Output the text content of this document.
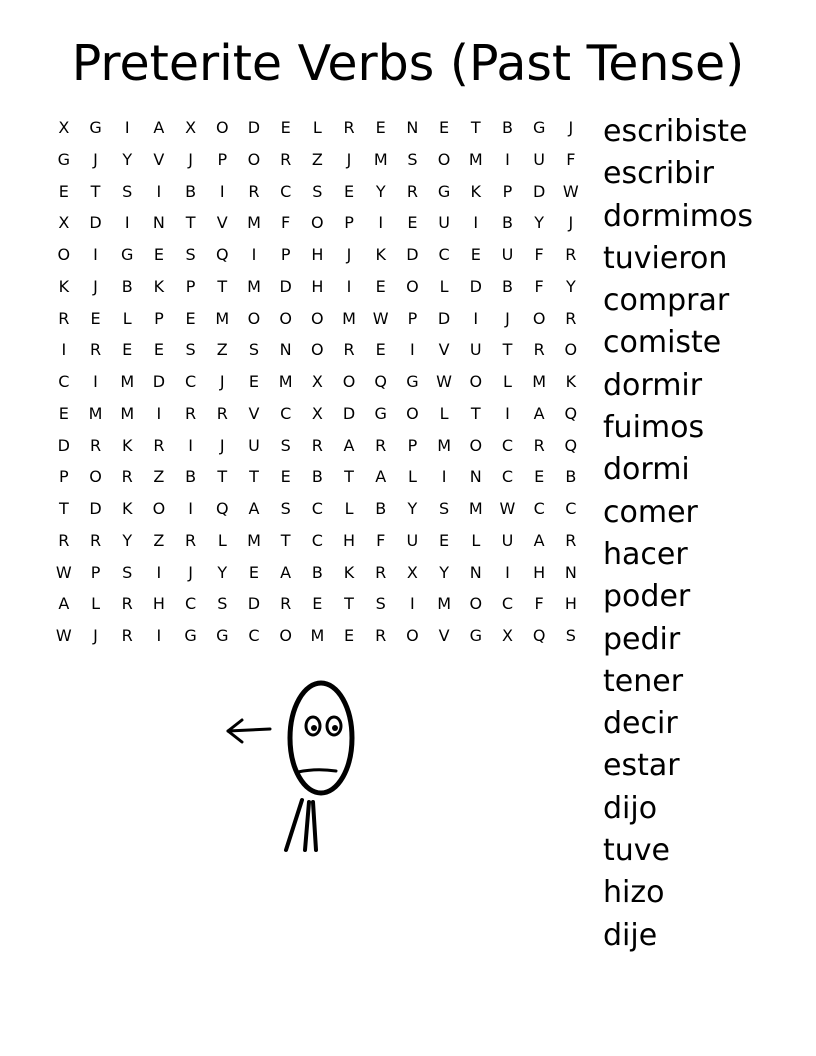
Preterite Verbs (Past Tense)
X	G	I	A	X	O	D	E	L	R	E	N	E	T	B	G	J
G	J	Y	V	J	P	O	R	Z	J	M	S	O	M	I	U	F
E	T	S	I	B	I	R	C	S	E	Y	R	G	K	P	D	W
X	D	I	N	T	V	M	F	O	P	I	E	U	I	B	Y	J
O	I	G	E	S	Q	I	P	H	J	K	D	C	E	U	F	R
K	J	B	K	P	T	M	D	H	I	E	O	L	D	B	F	Y
R	E	L	P	E	M	O	O	O	M	W	P	D	I	J	O	R
I	R	E	E	S	Z	S	N	O	R	E	I	V	U	T	R	O
C	I	M	D	C	J	E	M	X	O	Q	G	W	O	L	M	K
E	M	M	I	R	R	V	C	X	D	G	O	L	T	I	A	Q
D	R	K	R	I	J	U	S	R	A	R	P	M	O	C	R	Q
P	O	R	Z	B	T	T	E	B	T	A	L	I	N	C	E	B
T	D	K	O	I	Q	A	S	C	L	B	Y	S	M	W	C	C
R	R	Y	Z	R	L	M	T	C	H	F	U	E	L	U	A	R
W	P	S	I	J	Y	E	A	B	K	R	X	Y	N	I	H	N
A	L	R	H	C	S	D	R	E	T	S	I	M	O	C	F	H
W	J	R	I	G	G	C	O	M	E	R	O	V	G	X	Q	S
escribiste
escribir
dormimos
tuvieron
comprar
comiste
dormir
fuimos
dormi
comer
hacer
poder
pedir
tener
decir
estar
dijo
tuve
hizo
dije
